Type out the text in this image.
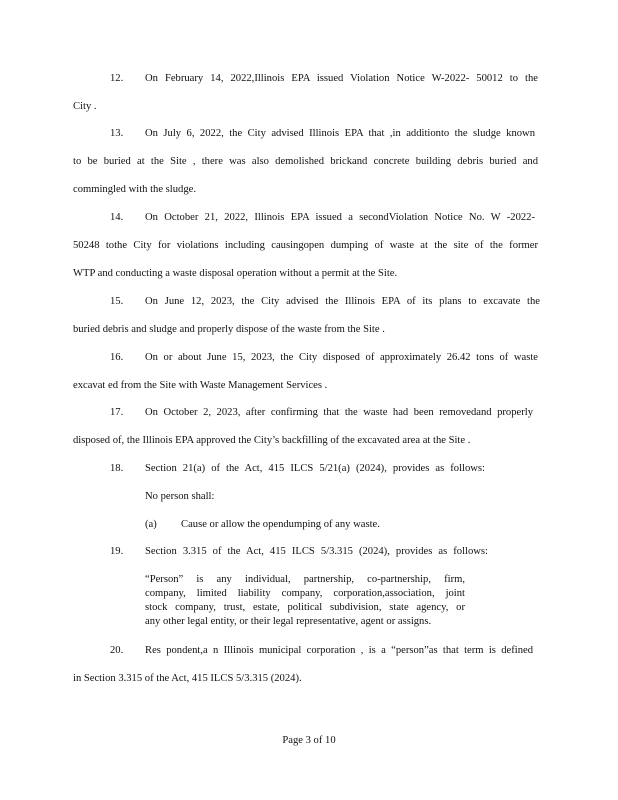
12. On February 14, 2022,Illinois EPA issued Violation Notice W-2022- 50012 to the
City .
13. On July 6, 2022, the City advised Illinois EPA that ,in additionto the sludge known
to be buried at the Site , there was also demolished brickand concrete building debris buried and
commingled with the sludge.
14. On October 21, 2022, Illinois EPA issued a secondViolation Notice No. W -2022-
50248 tothe City for violations including causingopen dumping of waste at the site of the former
WTP and conducting a waste disposal operation without a permit at the Site.
15. On June 12, 2023, the City advised the Illinois EPA of its plans to excavate the
buried debris and sludge and properly dispose of the waste from the Site .
16. On or about June 15, 2023, the City disposed of approximately 26.42 tons of waste
excavat ed from the Site with Waste Management Services .
17. On October 2, 2023, after confirming that the waste had been removedand properly
disposed of, the Illinois EPA approved the City’s backfilling of the excavated area at the Site .
18. Section 21(a) of the Act, 415 ILCS 5/21(a) (2024), provides as follows:
No person shall:
(a) Cause or allow the opendumping of any waste.
19. Section 3.315 of the Act, 415 ILCS 5/3.315 (2024), provides as follows:
“Person” is any individual, partnership, co-partnership, firm,
company, limited liability company, corporation,association, joint
stock company, trust, estate, political subdivision, state agency, or
any other legal entity, or their legal representative, agent or assigns.
20. Res pondent,a n Illinois municipal corporation , is a “person”as that term is defined
in Section 3.315 of the Act, 415 ILCS 5/3.315 (2024).
Page 3 of 10
